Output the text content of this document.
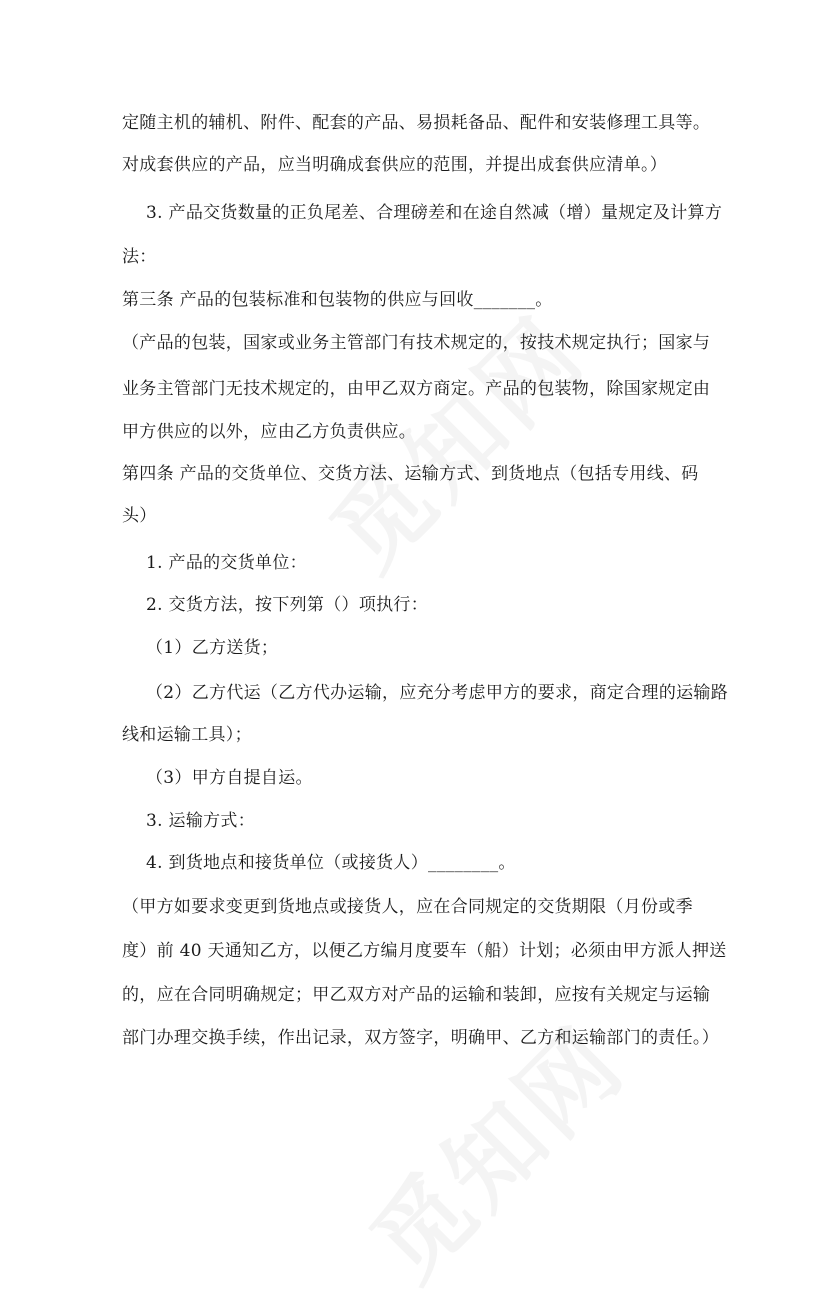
定随主机的辅机、附件、配套的产品、易损耗备品、配件和安装修理工具等。
对成套供应的产品，应当明确成套供应的范围，并提出成套供应清单。）
3. 产品交货数量的正负尾差、合理磅差和在途自然减（增）量规定及计算方
法：
第三条 产品的包装标准和包装物的供应与回收_______。
（产品的包装，国家或业务主管部门有技术规定的，按技术规定执行；国家与
业务主管部门无技术规定的，由甲乙双方商定。产品的包装物，除国家规定由
甲方供应的以外，应由乙方负责供应。
第四条 产品的交货单位、交货方法、运输方式、到货地点（包括专用线、码
头）
1. 产品的交货单位：
2. 交货方法，按下列第（）项执行：
（1）乙方送货；
（2）乙方代运（乙方代办运输，应充分考虑甲方的要求，商定合理的运输路
线和运输工具）；
（3）甲方自提自运。
3. 运输方式：
4. 到货地点和接货单位（或接货人）________。
（甲方如要求变更到货地点或接货人，应在合同规定的交货期限（月份或季
度）前 40 天通知乙方，以便乙方编月度要车（船）计划；必须由甲方派人押送
的，应在合同明确规定；甲乙双方对产品的运输和装卸，应按有关规定与运输
部门办理交换手续，作出记录，双方签字，明确甲、乙方和运输部门的责任。）
